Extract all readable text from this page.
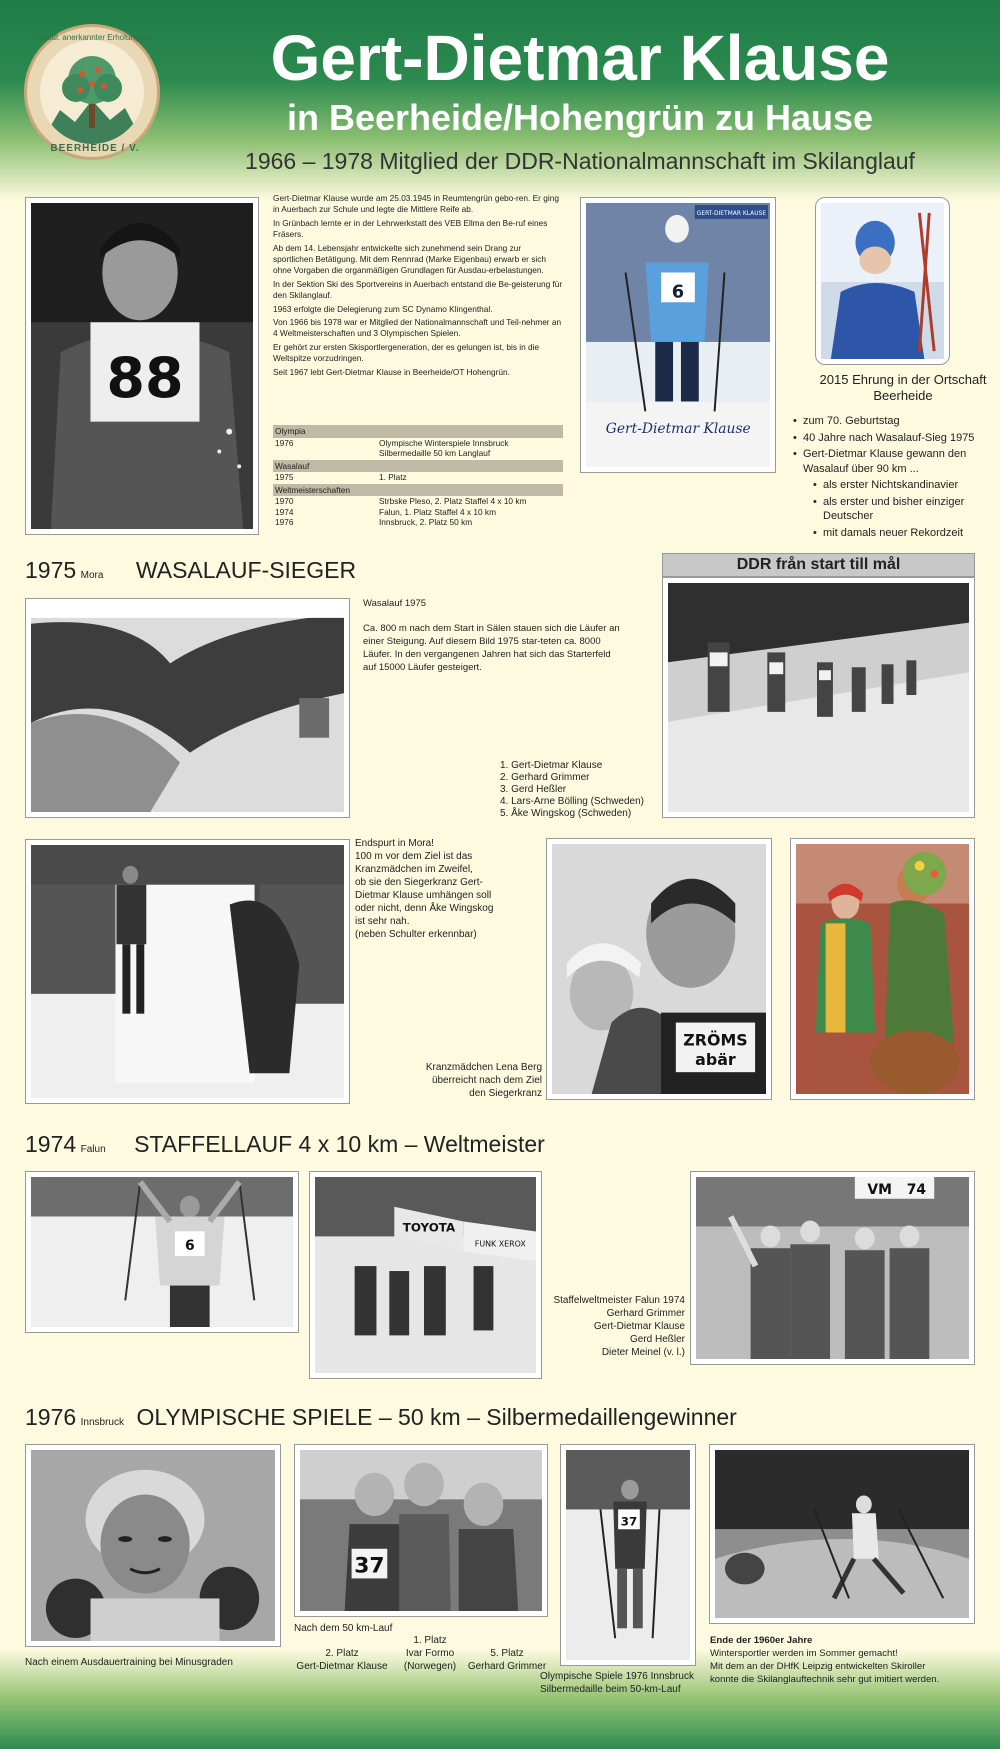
Staatl. anerkannter Erholungsort
BEERHEIDE / V.
Gert-Dietmar Klause
in Beerheide/Hohengrün zu Hause
1966 – 1978 Mitglied der DDR-Nationalmannschaft im Skilanglauf
88

Gert-Dietmar Klause wurde am 25.03.1945 in Reumtengrün gebo-ren. Er ging in Auerbach zur Schule und legte die Mittlere Reife ab.

In Grünbach lernte er in der Lehrwerkstatt des VEB Ellma den Be-ruf eines Fräsers.

Ab dem 14. Lebensjahr entwickelte sich zunehmend sein Drang zur sportlichen Betätigung. Mit dem Rennrad (Marke Eigenbau) erwarb er sich ohne Vorgaben die organmäßigen Grundlagen für Ausdau-erbelastungen.

In der Sektion Ski des Sportvereins in Auerbach entstand die Be-geisterung für den Skilanglauf.

1963 erfolgte die Delegierung zum SC Dynamo Klingenthal.

Von 1966 bis 1978 war er Mitglied der Nationalmannschaft und Teil-nehmer an 4 Weltmeisterschaften und 3 Olympischen Spielen.

Er gehört zur ersten Skisportlergeneration, der es gelungen ist, bis in die Weltspitze vorzudringen.

Seit 1967 lebt Gert-Dietmar Klause in Beerheide/OT Hohengrün.

Olympia
1976	Olympische Winterspiele Innsbruck Silbermedaille 50 km Langlauf
Wasalauf
1975	1. Platz
Weltmeisterschaften
1970	Strbske Pleso, 2. Platz Staffel 4 x 10 km
1974	Falun, 1. Platz Staffel 4 x 10 km
1976	Innsbruck, 2. Platz 50 km
GERT-DIETMAR KLAUSE
6
Gert-Dietmar Klause
2015 Ehrung in der Ortschaft Beerheide
• zum 70. Geburtstag
• 40 Jahre nach Wasalauf-Sieg 1975
• Gert-Dietmar Klause gewann den Wasalauf über 90 km ...
• als erster Nichtskandinavier
• als erster und bisher einziger Deutscher
• mit damals neuer Rekordzeit
1975 Mora WASALAUF-SIEGER
Wasalauf 1975
Ca. 800 m nach dem Start in Sälen stauen sich die Läufer an einer Steigung. Auf diesem Bild 1975 star-teten ca. 8000 Läufer. In den vergangenen Jahren hat sich das Starterfeld auf 15000 Läufer gesteigert.
DDR från start till mål
1. Gert-Dietmar Klause
2. Gerhard Grimmer
3. Gerd Heßler
4. Lars-Arne Bölling (Schweden)
5. Åke Wingskog (Schweden)
Endspurt in Mora!
100 m vor dem Ziel ist das
Kranzmädchen im Zweifel,
ob sie den Siegerkranz Gert-
Dietmar Klause umhängen soll
oder nicht, denn Åke Wingskog
ist sehr nah.
(neben Schulter erkennbar)
Kranzmädchen Lena Berg
überreicht nach dem Ziel
den Siegerkranz
ZRÖMS
abär
1974 Falun STAFFELLAUF 4 x 10 km – Weltmeister
6
TOYOTA
FUNK XEROX
Staffelweltmeister Falun 1974
Gerhard Grimmer
Gert-Dietmar Klause
Gerd Heßler
Dieter Meinel (v. l.)
VM 74
1976 Innsbruck OLYMPISCHE SPIELE – 50 km – Silbermedaillengewinner
Nach einem Ausdauertraining bei Minusgraden
37
Nach dem 50 km-Lauf
1. Platz
Ivar Formo
(Norwegen)
2. Platz
Gert-Dietmar Klause
5. Platz
Gerhard Grimmer
37
Olympische Spiele 1976 Innsbruck
Silbermedaille beim 50-km-Lauf
Ende der 1960er Jahre
Wintersportler werden im Sommer gemacht!
Mit dem an der DHfK Leipzig entwickelten Skiroller
konnte die Skilanglauftechnik sehr gut imitiert werden.
